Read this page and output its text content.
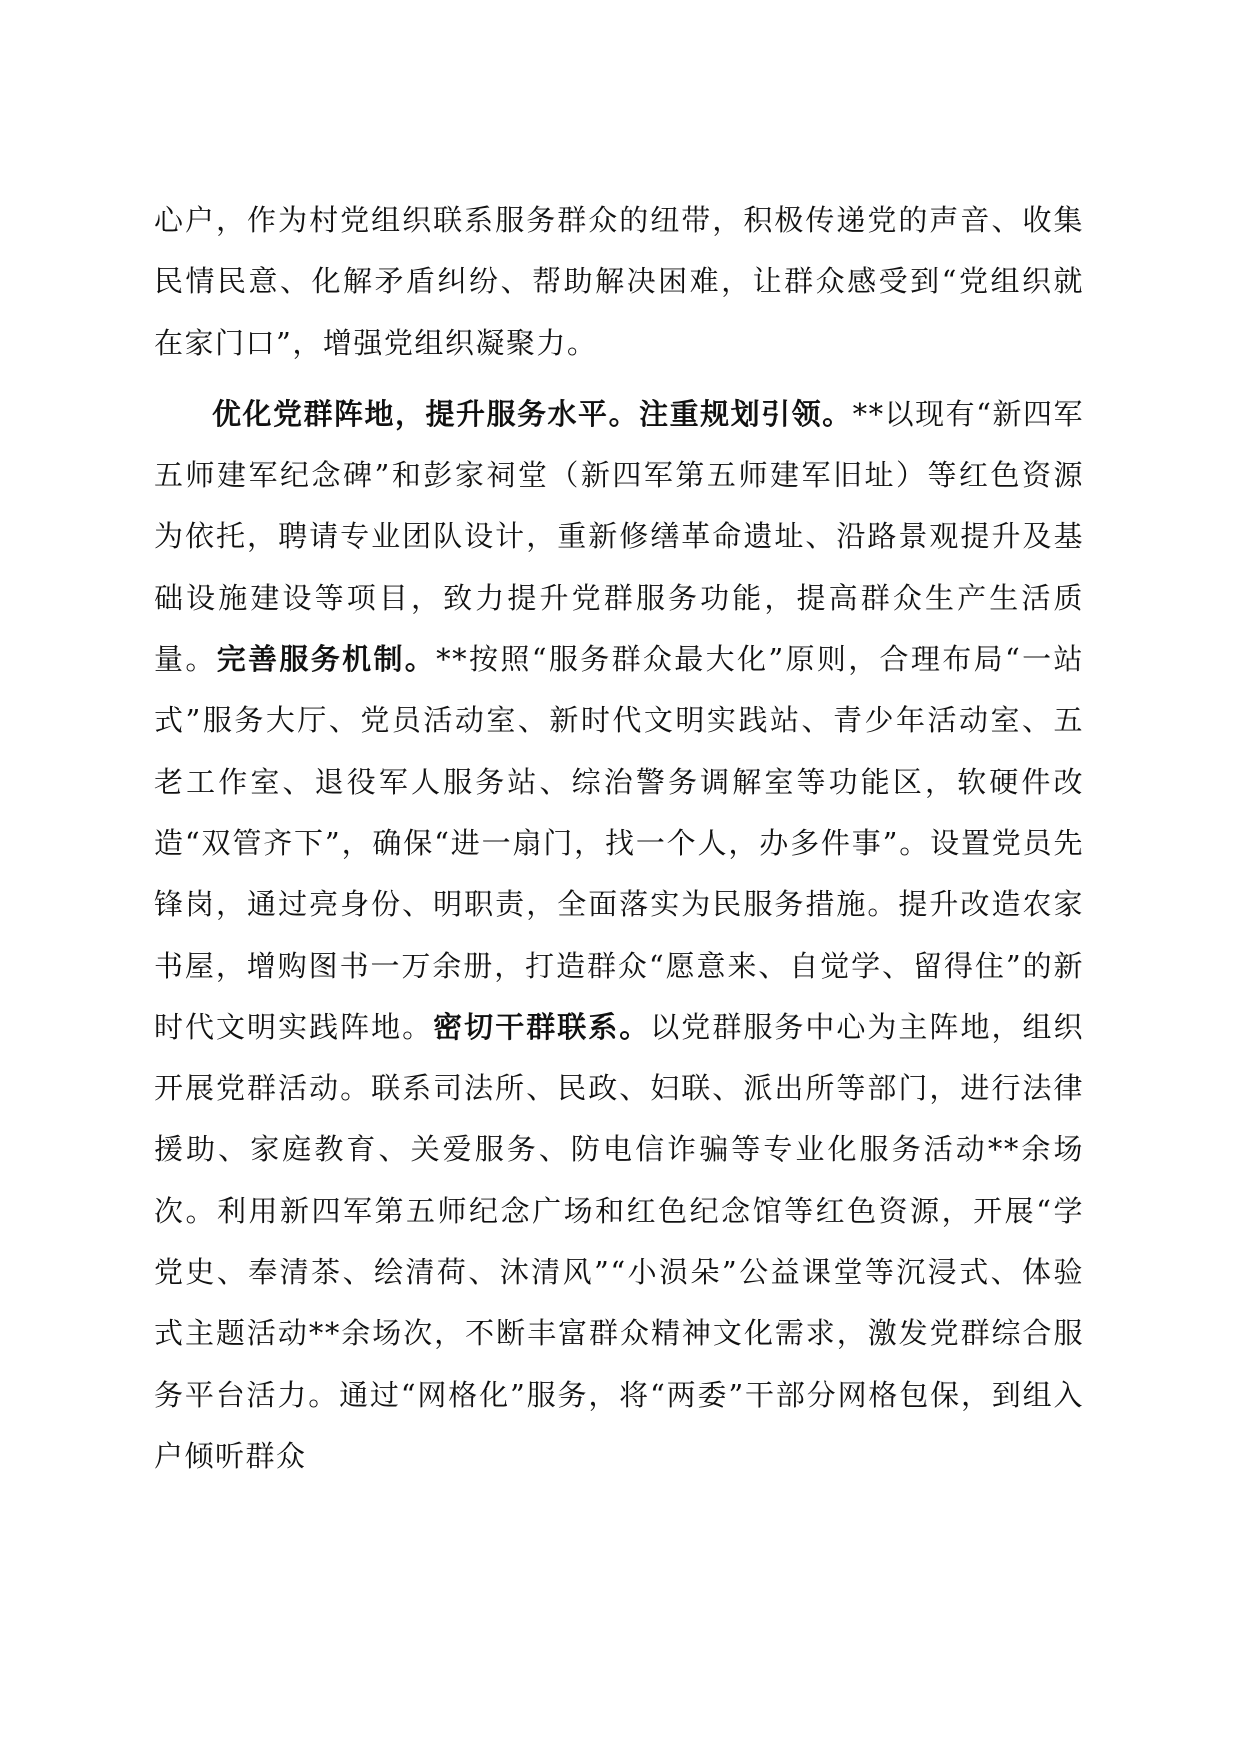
心户，作为村党组织联系服务群众的纽带，积极传递党的声音、收集民情民意、化解矛盾纠纷、帮助解决困难，让群众感受到“党组织就在家门口”，增强党组织凝聚力。

优化党群阵地，提升服务水平。注重规划引领。**以现有“新四军五师建军纪念碑”和彭家祠堂（新四军第五师建军旧址）等红色资源为依托，聘请专业团队设计，重新修缮革命遗址、沿路景观提升及基础设施建设等项目，致力提升党群服务功能，提高群众生产生活质量。完善服务机制。**按照“服务群众最大化”原则，合理布局“一站式”服务大厅、党员活动室、新时代文明实践站、青少年活动室、五老工作室、退役军人服务站、综治警务调解室等功能区，软硬件改造“双管齐下”，确保“进一扇门，找一个人，办多件事”。设置党员先锋岗，通过亮身份、明职责，全面落实为民服务措施。提升改造农家书屋，增购图书一万余册，打造群众“愿意来、自觉学、留得住”的新时代文明实践阵地。密切干群联系。以党群服务中心为主阵地，组织开展党群活动。联系司法所、民政、妇联、派出所等部门，进行法律援助、家庭教育、关爱服务、防电信诈骗等专业化服务活动**余场次。利用新四军第五师纪念广场和红色纪念馆等红色资源，开展“学党史、奉清茶、绘清荷、沐清风”“小涢朵”公益课堂等沉浸式、体验式主题活动**余场次，不断丰富群众精神文化需求，激发党群综合服务平台活力。通过“网格化”服务，将“两委”干部分网格包保，到组入户倾听群众
